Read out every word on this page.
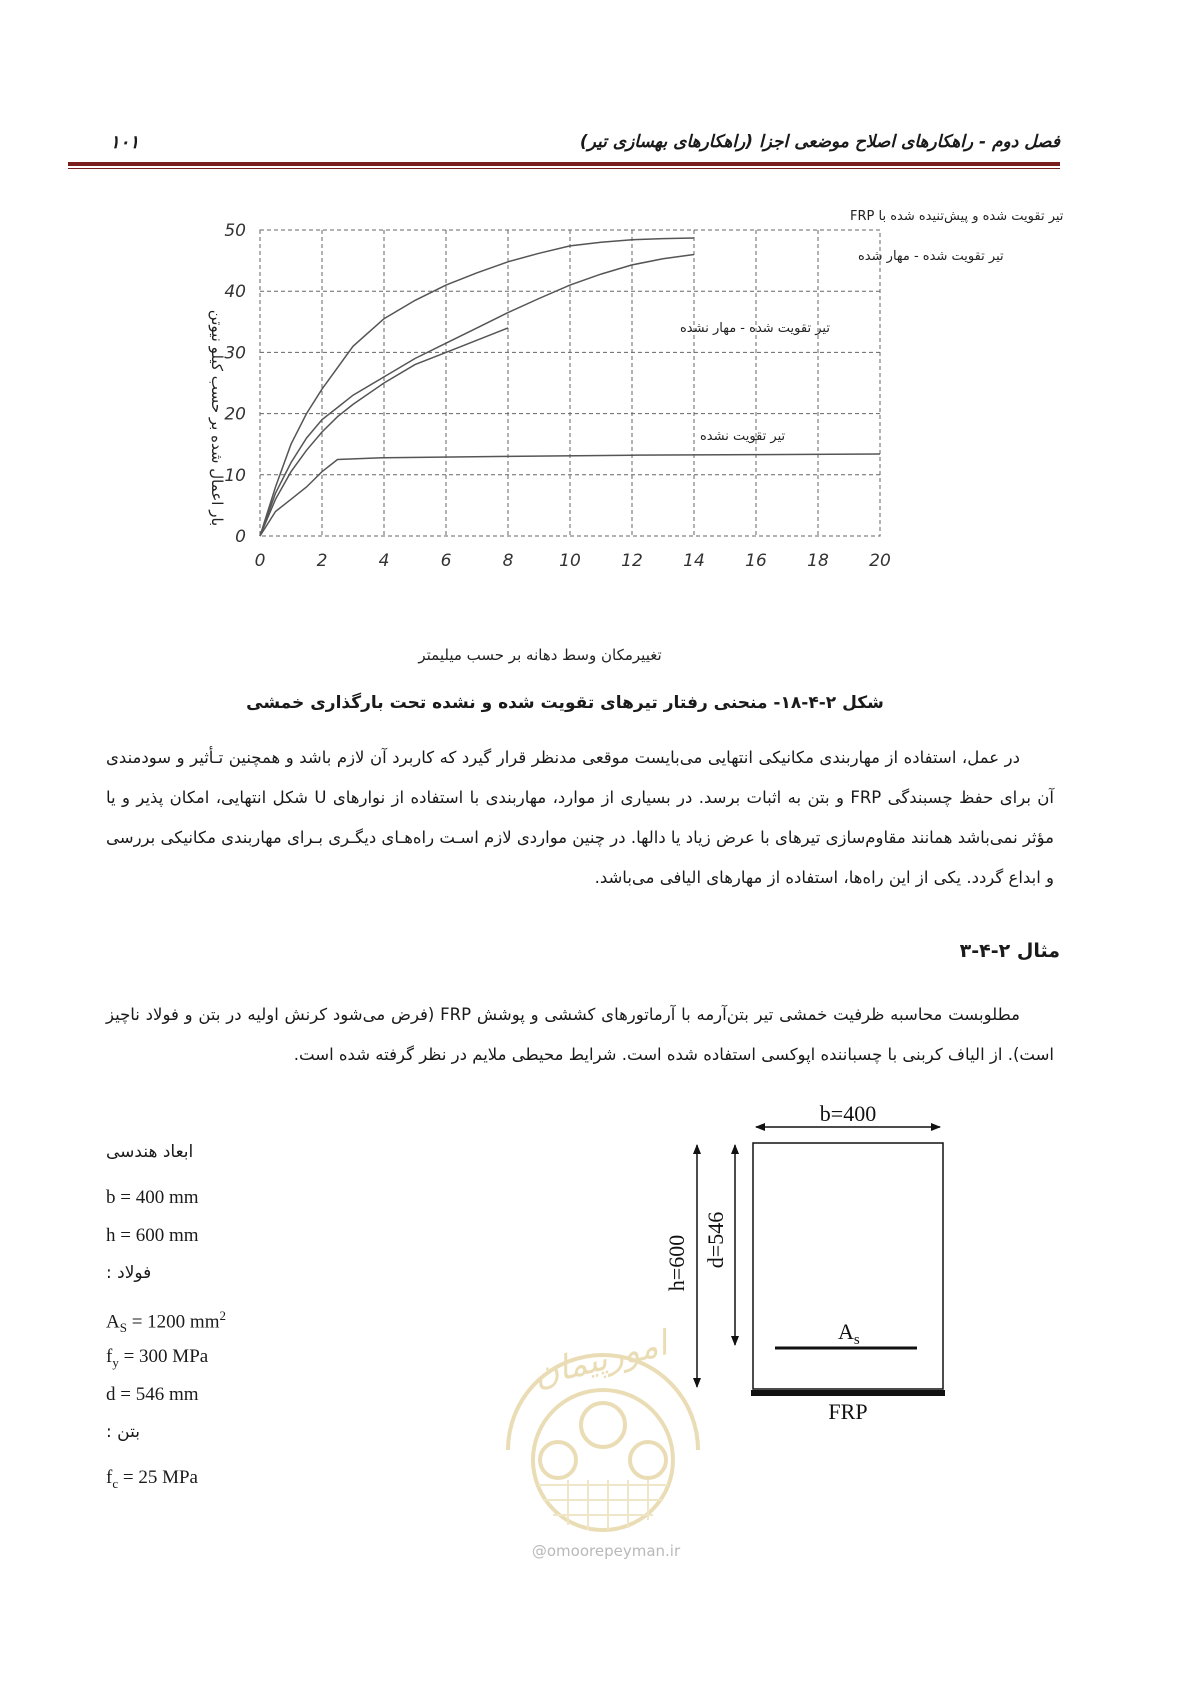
فصل دوم - راهکارهای اصلاح موضعی اجزا (راهکارهای بهسازی تیر)
۱۰۱
0
10
20
30
40
50
0	2	4	6	8	10 12 14 16 18 20
تیر تقویت شده و پیش‌تنیده شده با FRP
تیر تقویت شده - مهار شده
تیر تقویت شده - مهار نشده
تیر تقویت نشده
تغییرمکان وسط دهانه بر حسب میلیمتر
بار اعمال شده بر حسب کیلو نیوتن
شکل ۲-۴-۱۸- منحنی رفتار تیرهای تقویت شده و نشده تحت بارگذاری خمشی
در عمل، استفاده از مهاربندی مکانیکی انتهایی می‌بایست موقعی مدنظر قرار گیرد که کاربرد آن لازم باشد و همچنین تـأثیر و سودمندی آن برای حفظ چسبندگی FRP و بتن به اثبات برسد. در بسیاری از موارد، مهاربندی با استفاده از نوارهای U شکل انتهایی، امکان پذیر و یا مؤثر نمی‌باشد همانند مقاوم‌سازی تیرهای با عرض زیاد یا دالها. در چنین مواردی لازم اسـت راه‌هـای دیگـری بـرای مهاربندی مکانیکی بررسی و ابداع گردد. یکی از این راه‌ها، استفاده از مهارهای الیافی می‌باشد.
مثال ۲-۴-۳
مطلوبست محاسبه ظرفیت خمشی تیر بتن‌آرمه با آرماتورهای کششی و پوشش FRP (فرض می‌شود کرنش اولیه در بتن و فولاد ناچیز است). از الیاف کربنی با چسباننده اپوکسی استفاده شده است. شرایط محیطی ملایم در نظر گرفته شده است.
ابعاد هندسی
b = 400 mm
h = 600 mm
فولاد :
$A_S = 1200$ $mm^2$
$f_y = 300$ MPa
d = 546 mm
بتن :
$f_c = 25$ MPa
امورپیمان
@omoorepeyman.ir
b=400
h=600 d=546
$A_s$
FRP
